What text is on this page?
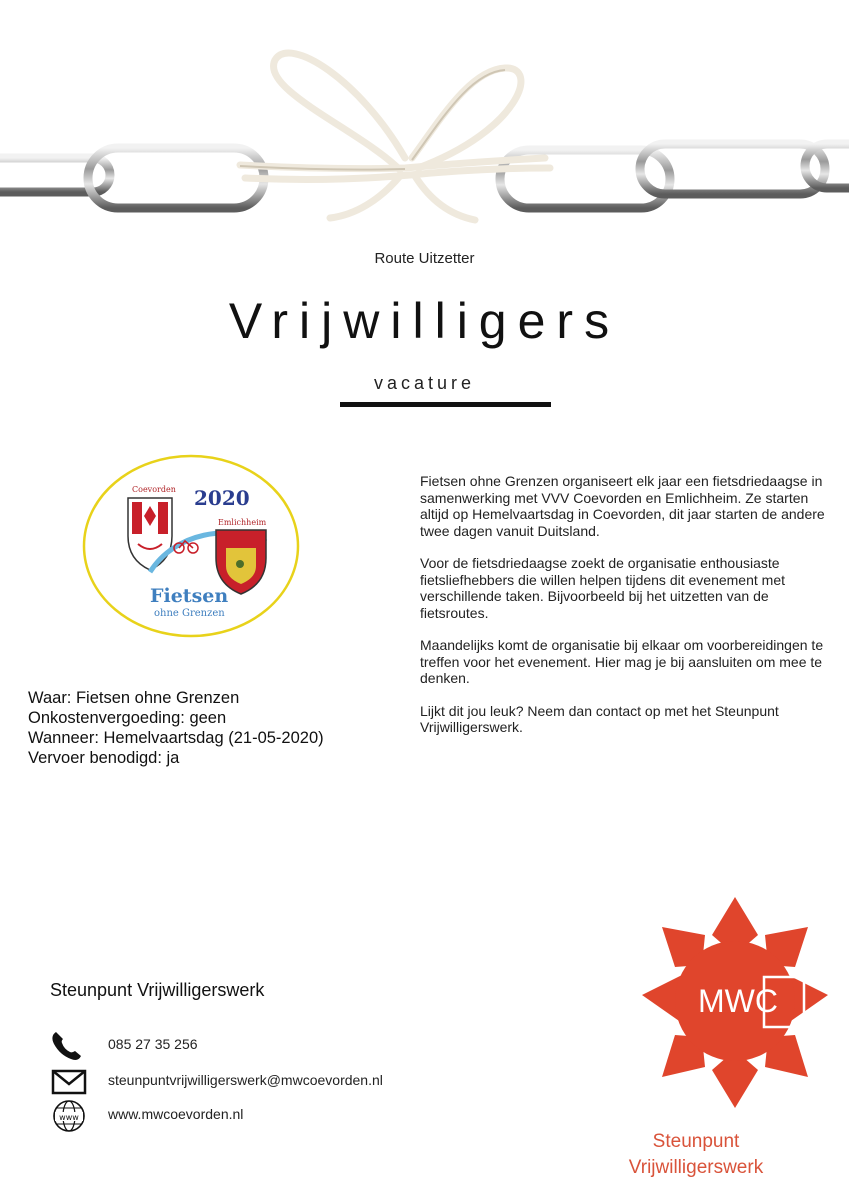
Route Uitzetter
Vrijwilligers
vacature
Coevorden 2020
Emlichheim
Fietsen
ohne Grenzen

Fietsen ohne Grenzen organiseert elk jaar een fietsdriedaagse in samenwerking met VVV Coevorden en Emlichheim. Ze starten altijd op Hemelvaartsdag in Coevorden, dit jaar starten de andere twee dagen vanuit Duitsland.

Voor de fietsdriedaagse zoekt de organisatie enthousiaste fietsliefhebbers die willen helpen tijdens dit evenement met verschillende taken. Bijvoorbeeld bij het uitzetten van de fietsroutes.

Maandelijks komt de organisatie bij elkaar om voorbereidingen te treffen voor het evenement. Hier mag je bij aansluiten om mee te denken.

Lijkt dit jou leuk? Neem dan contact op met het Steunpunt Vrijwilligerswerk.

Waar: Fietsen ohne Grenzen
Onkostenvergoeding: geen
Wanneer: Hemelvaartsdag (21-05-2020)
Vervoer benodigd: ja
Steunpunt Vrijwilligerswerk
085 27 35 256
steunpuntvrijwilligerswerk@mwcoevorden.nl
www www.mwcoevorden.nl
MWC
Steunpunt
Vrijwilligerswerk
